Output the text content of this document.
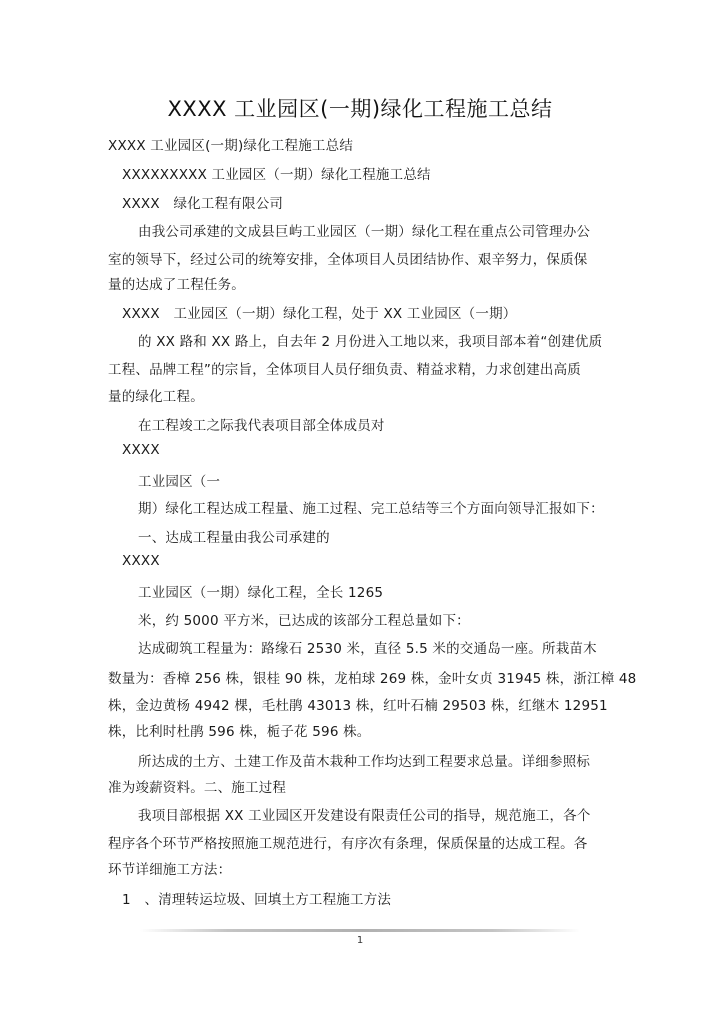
XXXX 工业园区(一期)绿化工程施工总结
XXXX 工业园区(一期)绿化工程施工总结
XXXXXXXXX 工业园区（一期）绿化工程施工总结
XXXX　绿化工程有限公司
由我公司承建的文成县巨屿工业园区（一期）绿化工程在重点公司管理办公
室的领导下，经过公司的统筹安排，全体项目人员团结协作、艰辛努力，保质保
量的达成了工程任务。
XXXX　工业园区（一期）绿化工程，处于 XX 工业园区（一期）
的 XX 路和 XX 路上，自去年 2 月份进入工地以来，我项目部本着“创建优质
工程、品牌工程”的宗旨，全体项目人员仔细负责、精益求精，力求创建出高质
量的绿化工程。
在工程竣工之际我代表项目部全体成员对
XXXX
工业园区（一
期）绿化工程达成工程量、施工过程、完工总结等三个方面向领导汇报如下：
一、达成工程量由我公司承建的
XXXX
工业园区（一期）绿化工程，全长 1265
米，约 5000 平方米，已达成的该部分工程总量如下：
达成砌筑工程量为：路缘石 2530 米，直径 5.5 米的交通岛一座。所栽苗木
数量为：香樟 256 株，银桂 90 株，龙柏球 269 株，金叶女贞 31945 株，浙江樟 48
株，金边黄杨 4942 棵，毛杜鹃 43013 株，红叶石楠 29503 株，红继木 12951
株，比利时杜鹃 596 株，栀子花 596 株。
所达成的土方、土建工作及苗木栽种工作均达到工程要求总量。详细参照标
准为竣薪资料。二、施工过程
我项目部根据 XX 工业园区开发建设有限责任公司的指导，规范施工，各个
程序各个环节严格按照施工规范进行，有序次有条理，保质保量的达成工程。各
环节详细施工方法：
1　、清理转运垃圾、回填土方工程施工方法
1
